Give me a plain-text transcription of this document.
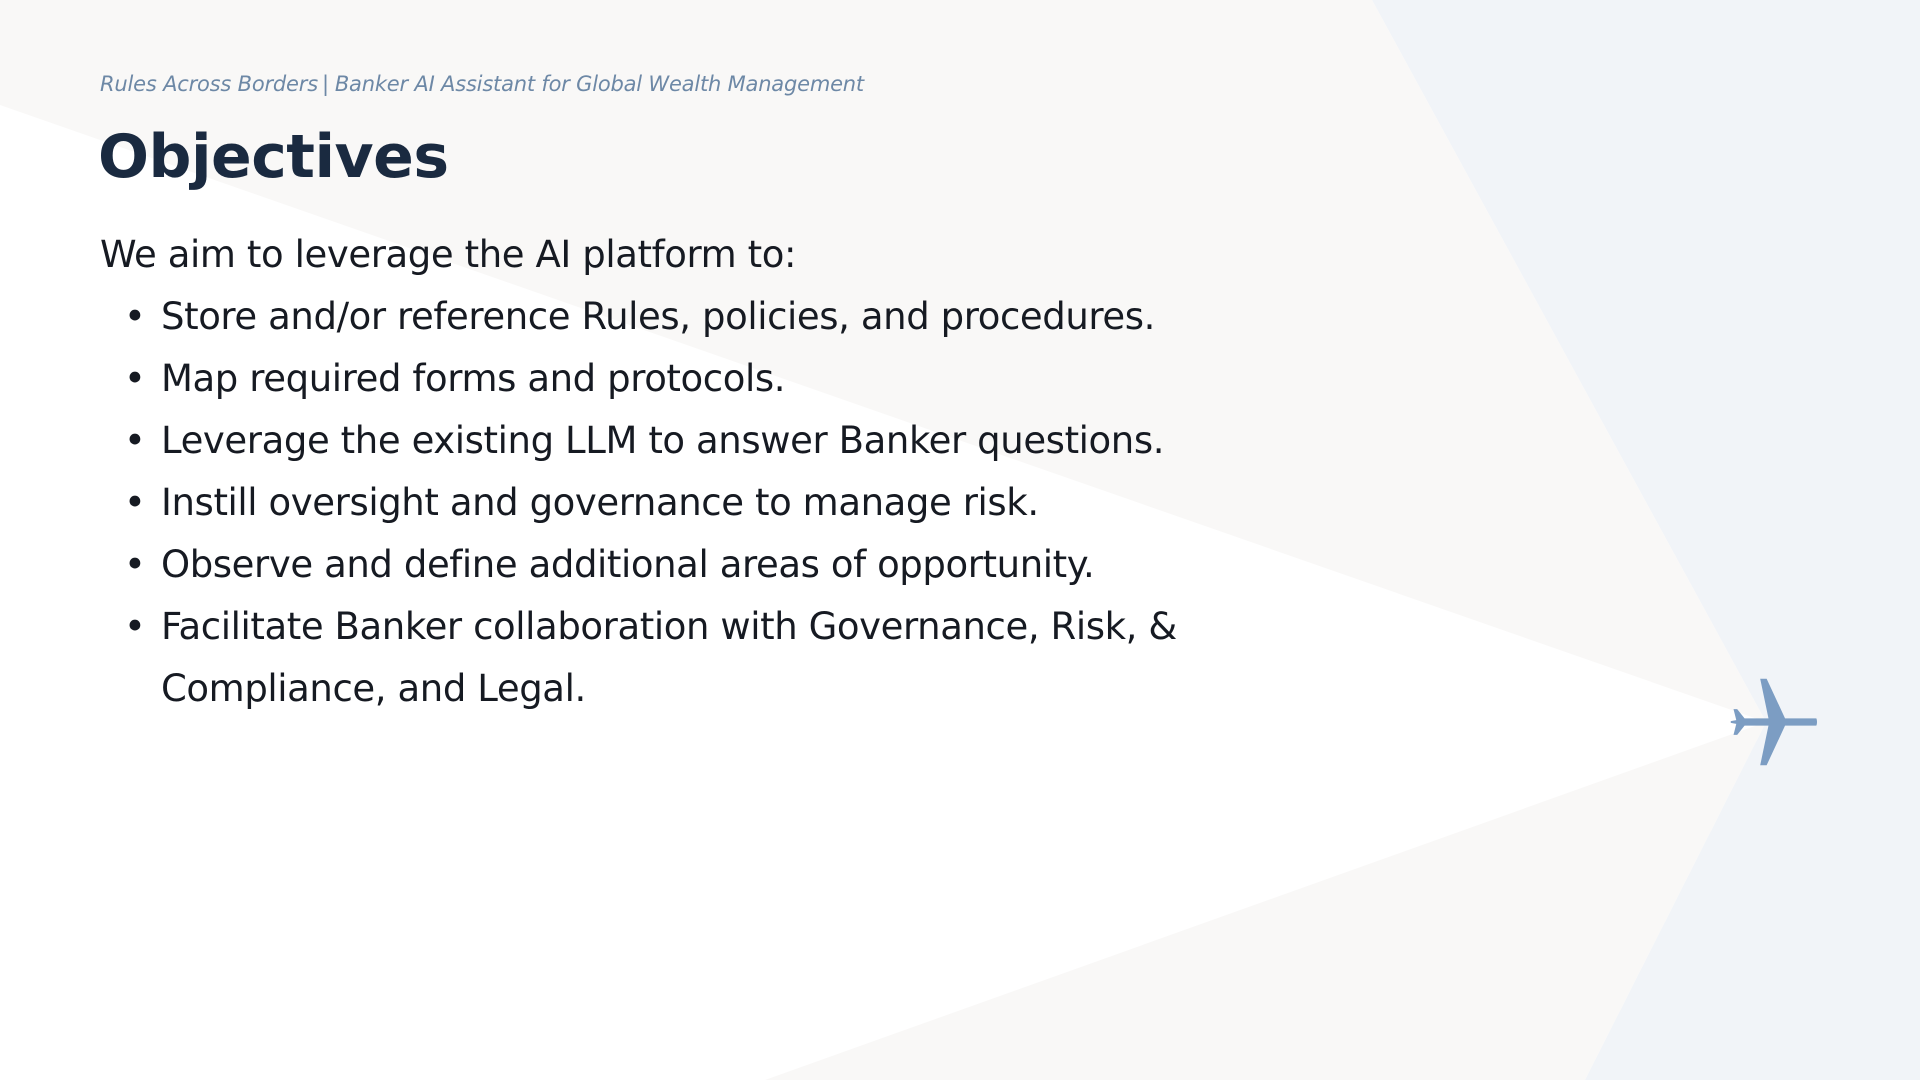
Rules Across Borders | Banker AI Assistant for Global Wealth Management
Objectives

We aim to leverage the AI platform to:

• Store and/or reference Rules, policies, and procedures.
• Map required forms and protocols.
• Leverage the existing LLM to answer Banker questions.
• Instill oversight and governance to manage risk.
• Observe and define additional areas of opportunity.
• Facilitate Banker collaboration with Governance, Risk, & Compliance, and Legal.
